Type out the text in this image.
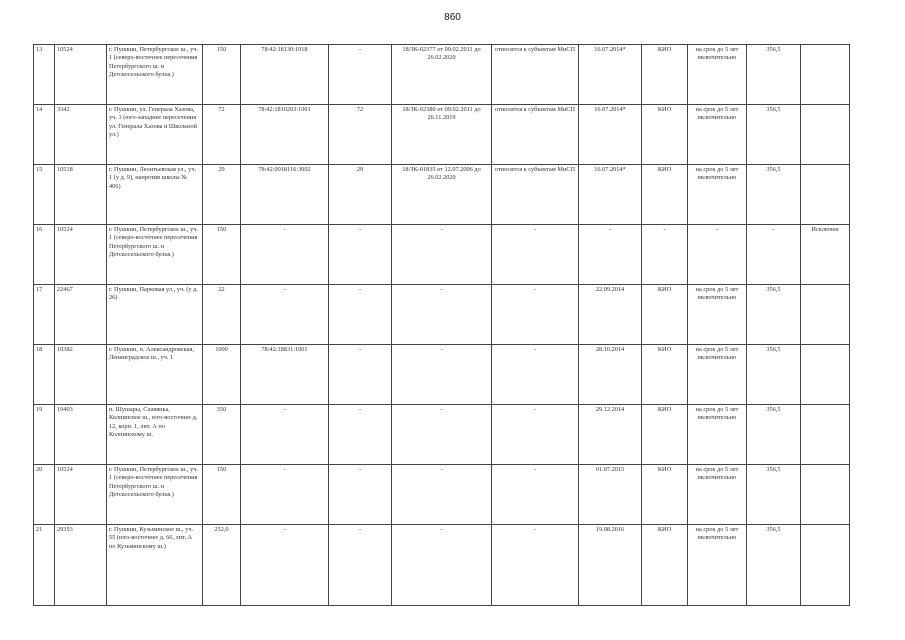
860
13	10524	г. Пушкин, Петербургское ш., уч. 1 (северо-восточнее пересечения Петербургского ш. и Детскосельского бульв.)	150	78:42:18130:1018	-	18/ЗК-02377 от 09.02.2011 до 26.02.2020	относится к субъектам МиСП	16.07.2014*	КИО	на срок до 5 лет включительно	356,5	
14	3342	г. Пушкин, ул. Генерала Хазова, уч. 1 (юго-западнее пересечения ул. Генерала Хазова и Школьной ул.)	72	78:42:1810203:1001	72	18/ЗК-02380 от 09.02.2011 до 26.11.2019	относится к субъектам МиСП	16.07.2014*	КИО	на срок до 5 лет включительно	356,5	
15	10518	г. Пушкин, Леонтьевская ул., уч. 1 (у д. 9), напротив школы № 406)	29	78:42:0018116:3002	29	18/ЗК-01835 от 12.07.2006 до 26.02.2020	относится к субъектам МиСП	16.07.2014*	КИО	на срок до 5 лет включительно	356,5	
16	10524	г. Пушкин, Петербургское ш., уч. 1 (северо-восточнее пересечения Петербургского ш. и Детскосельского бульв.)	150	-	-	-	-	-	-	-	-	Исключен
17	22467	г. Пушкин, Парковая ул., уч. (у д. 26)	22	-	-	-	-	22.09.2014	КИО	на срок до 5 лет включительно	356,5	
18	10382	г. Пушкин, п. Александровская, Ленинградское ш., уч. 1	1000	78:42:18831:1001	-	-	-	28.10.2014	КИО	на срок до 5 лет включительно	356,5	
19	19403	п. Шушары, Славянка, Колпинское ш., юго-восточнее д. 12, корп. 1, лит. А по Колпинскому ш.	350	-	-	-	-	29.12.2014	КИО	на срок до 5 лет включительно	356,5	
20	10524	г. Пушкин, Петербургское ш., уч. 1 (северо-восточнее пересечения Петербургского ш. и Детскосельского бульв.)	150	-	-	-	-	01.07.2015	КИО	на срок до 5 лет включительно	356,5	
21	29353	г. Пушкин, Кузьминское ш., уч. 55 (юго-восточнее д. 66, лит. А по Кузьминскому ш.)	252,0	-	-	-	-	19.08.2016	КИО	на срок до 5 лет включительно	356,5	
